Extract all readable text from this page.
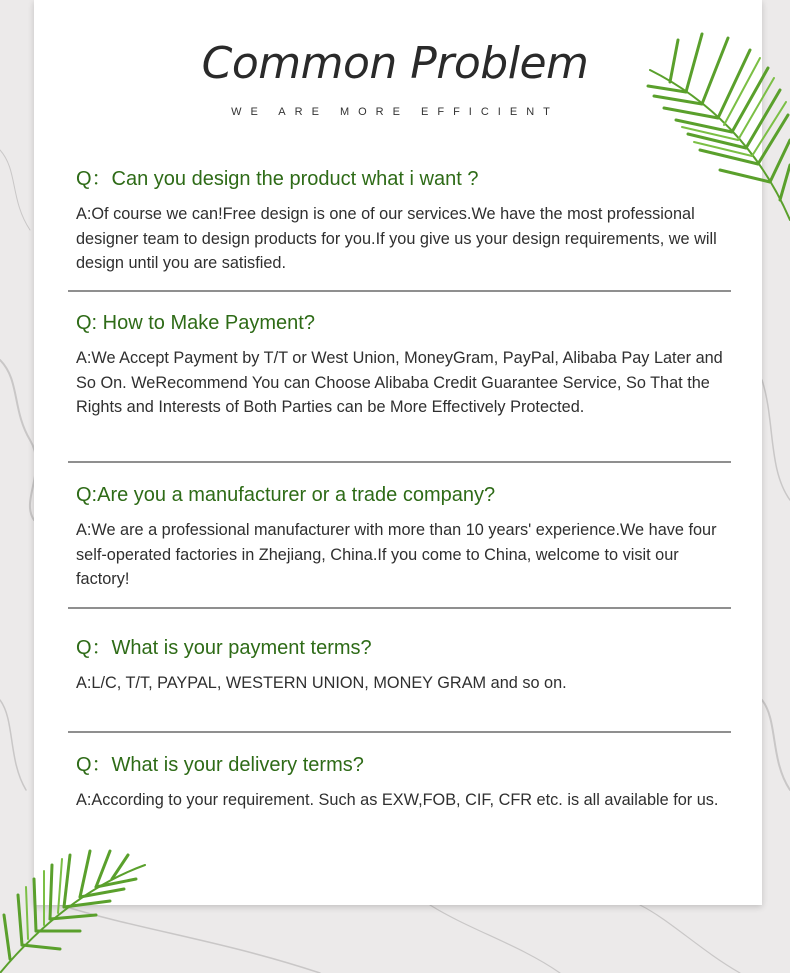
Common Problem
WE ARE MORE EFFICIENT
Q：Can you design the product what i want ?
A:Of course we can!Free design is one of our services.We have the most professional designer team to design products for you.If you give us your design requirements, we will design until you are satisfied.
Q: How to Make Payment?
A:We Accept Payment by T/T or West Union, MoneyGram, PayPal, Alibaba Pay Later and So On. WeRecommend You can Choose Alibaba Credit Guarantee Service, So That the Rights and Interests of Both Parties can be More Effectively Protected.
Q:Are you a manufacturer or a trade company?
A:We are a professional manufacturer with more than 10 years' experience.We have four self-operated factories in Zhejiang, China.If you come to China, welcome to visit our factory!
Q：What is your payment terms?
A:L/C, T/T, PAYPAL, WESTERN UNION, MONEY GRAM and so on.
Q：What is your delivery terms?
A:According to your requirement. Such as EXW,FOB, CIF, CFR etc. is all available for us.
